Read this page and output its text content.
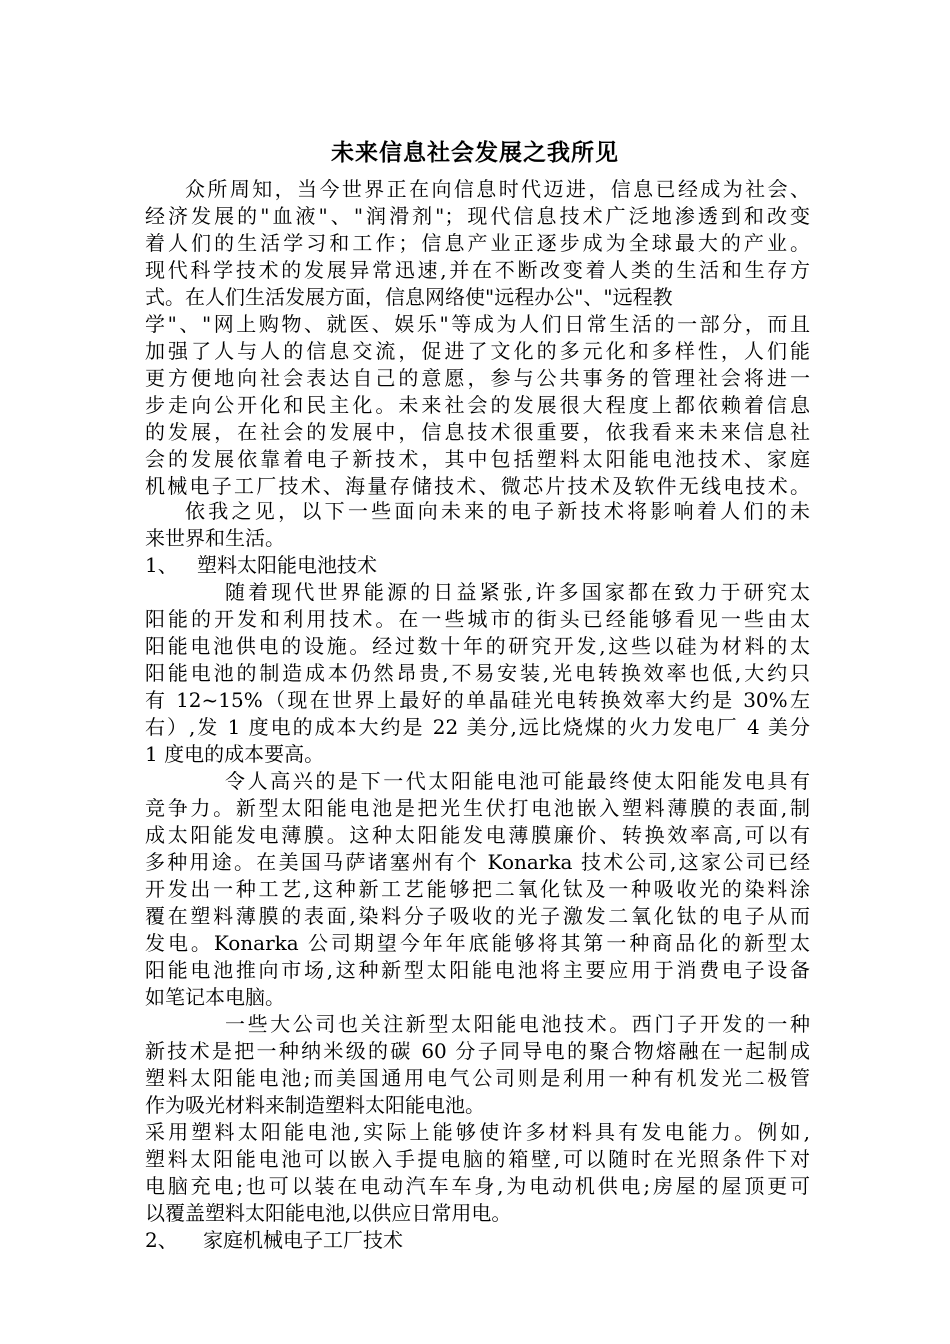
未来信息社会发展之我所见
众所周知，当今世界正在向信息时代迈进，信息已经成为社会、
经济发展的"血液"、"润滑剂"；现代信息技术广泛地渗透到和改变
着人们的生活学习和工作；信息产业正逐步成为全球最大的产业。
现代科学技术的发展异常迅速,并在不断改变着人类的生活和生存方
式。在人们生活发展方面，信息网络使"远程办公"、"远程教
学"、"网上购物、就医、娱乐"等成为人们日常生活的一部分，而且
加强了人与人的信息交流，促进了文化的多元化和多样性，人们能
更方便地向社会表达自己的意愿，参与公共事务的管理社会将进一
步走向公开化和民主化。未来社会的发展很大程度上都依赖着信息
的发展，在社会的发展中，信息技术很重要，依我看来未来信息社
会的发展依靠着电子新技术，其中包括塑料太阳能电池技术、家庭
机械电子工厂技术、海量存储技术、微芯片技术及软件无线电技术。
依我之见，以下一些面向未来的电子新技术将影响着人们的未
来世界和生活。
1、 塑料太阳能电池技术
随着现代世界能源的日益紧张,许多国家都在致力于研究太
阳能的开发和利用技术。在一些城市的街头已经能够看见一些由太
阳能电池供电的设施。经过数十年的研究开发,这些以硅为材料的太
阳能电池的制造成本仍然昂贵,不易安装,光电转换效率也低,大约只
有 12~15%（现在世界上最好的单晶硅光电转换效率大约是 30%左
右）,发 1 度电的成本大约是 22 美分,远比烧煤的火力发电厂 4 美分
1 度电的成本要高。
令人高兴的是下一代太阳能电池可能最终使太阳能发电具有
竞争力。新型太阳能电池是把光生伏打电池嵌入塑料薄膜的表面,制
成太阳能发电薄膜。这种太阳能发电薄膜廉价、转换效率高,可以有
多种用途。在美国马萨诸塞州有个 Konarka 技术公司,这家公司已经
开发出一种工艺,这种新工艺能够把二氧化钛及一种吸收光的染料涂
覆在塑料薄膜的表面,染料分子吸收的光子激发二氧化钛的电子从而
发电。Konarka 公司期望今年年底能够将其第一种商品化的新型太
阳能电池推向市场,这种新型太阳能电池将主要应用于消费电子设备
如笔记本电脑。
一些大公司也关注新型太阳能电池技术。西门子开发的一种
新技术是把一种纳米级的碳 60 分子同导电的聚合物熔融在一起制成
塑料太阳能电池;而美国通用电气公司则是利用一种有机发光二极管
作为吸光材料来制造塑料太阳能电池。
采用塑料太阳能电池,实际上能够使许多材料具有发电能力。例如,
塑料太阳能电池可以嵌入手提电脑的箱壁,可以随时在光照条件下对
电脑充电;也可以装在电动汽车车身,为电动机供电;房屋的屋顶更可
以覆盖塑料太阳能电池,以供应日常用电。
2、 家庭机械电子工厂技术
